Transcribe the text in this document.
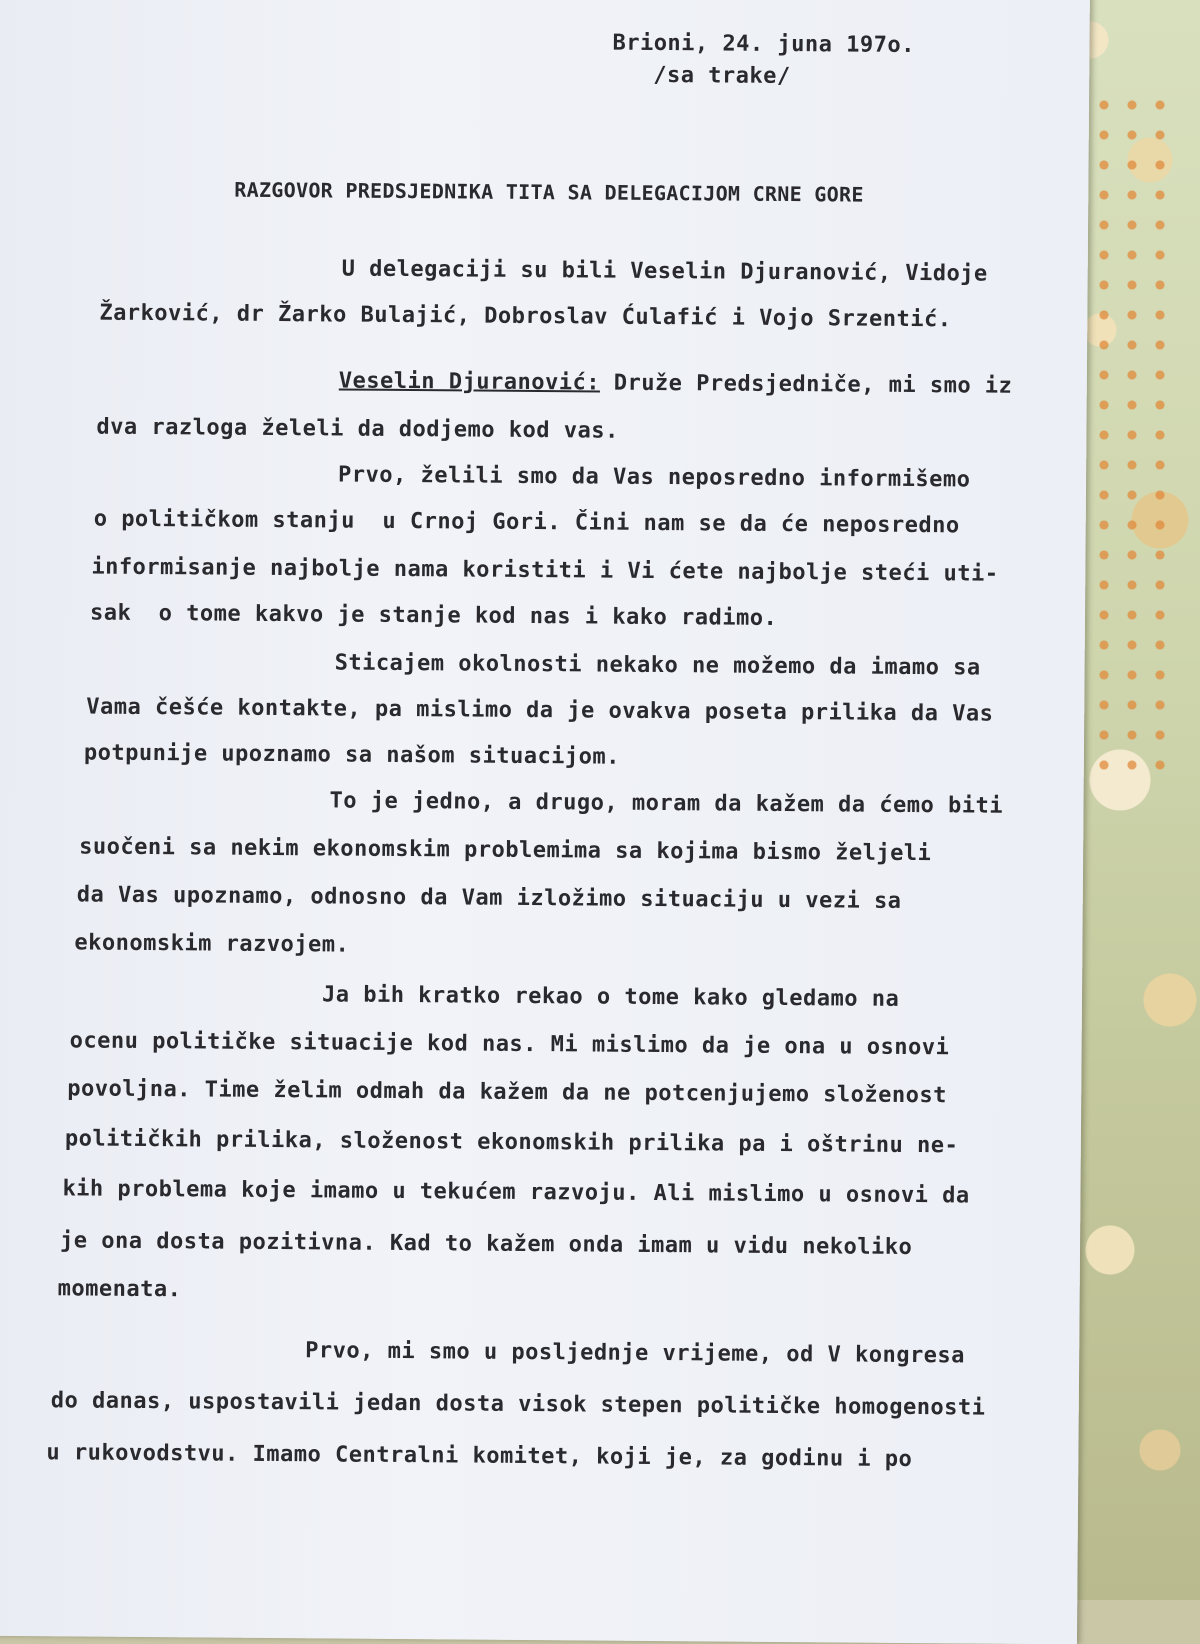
Brioni, 24. juna 197o.
/sa trake/
RAZGOVOR PREDSJEDNIKA TITA SA DELEGACIJOM CRNE GORE
U delegaciji su bili Veselin Djuranović, Vidoje
Žarković, dr Žarko Bulajić, Dobroslav Ćulafić i Vojo Srzentić.
Veselin Djuranović: Druže Predsjedniče, mi smo iz
dva razloga želeli da dodjemo kod vas.
Prvo, želili smo da Vas neposredno informišemo
o političkom stanju  u Crnoj Gori. Čini nam se da će neposredno
informisanje najbolje nama koristiti i Vi ćete najbolje steći uti-
sak  o tome kakvo je stanje kod nas i kako radimo.
Sticajem okolnosti nekako ne možemo da imamo sa
Vama češće kontakte, pa mislimo da je ovakva poseta prilika da Vas
potpunije upoznamo sa našom situacijom.
To je jedno, a drugo, moram da kažem da ćemo biti
suočeni sa nekim ekonomskim problemima sa kojima bismo željeli
da Vas upoznamo, odnosno da Vam izložimo situaciju u vezi sa
ekonomskim razvojem.
Ja bih kratko rekao o tome kako gledamo na
ocenu političke situacije kod nas. Mi mislimo da je ona u osnovi
povoljna. Time želim odmah da kažem da ne potcenjujemo složenost
političkih prilika, složenost ekonomskih prilika pa i oštrinu ne-
kih problema koje imamo u tekućem razvoju. Ali mislimo u osnovi da
je ona dosta pozitivna. Kad to kažem onda imam u vidu nekoliko
momenata.
Prvo, mi smo u posljednje vrijeme, od V kongresa
do danas, uspostavili jedan dosta visok stepen političke homogenosti
u rukovodstvu. Imamo Centralni komitet, koji je, za godinu i po
